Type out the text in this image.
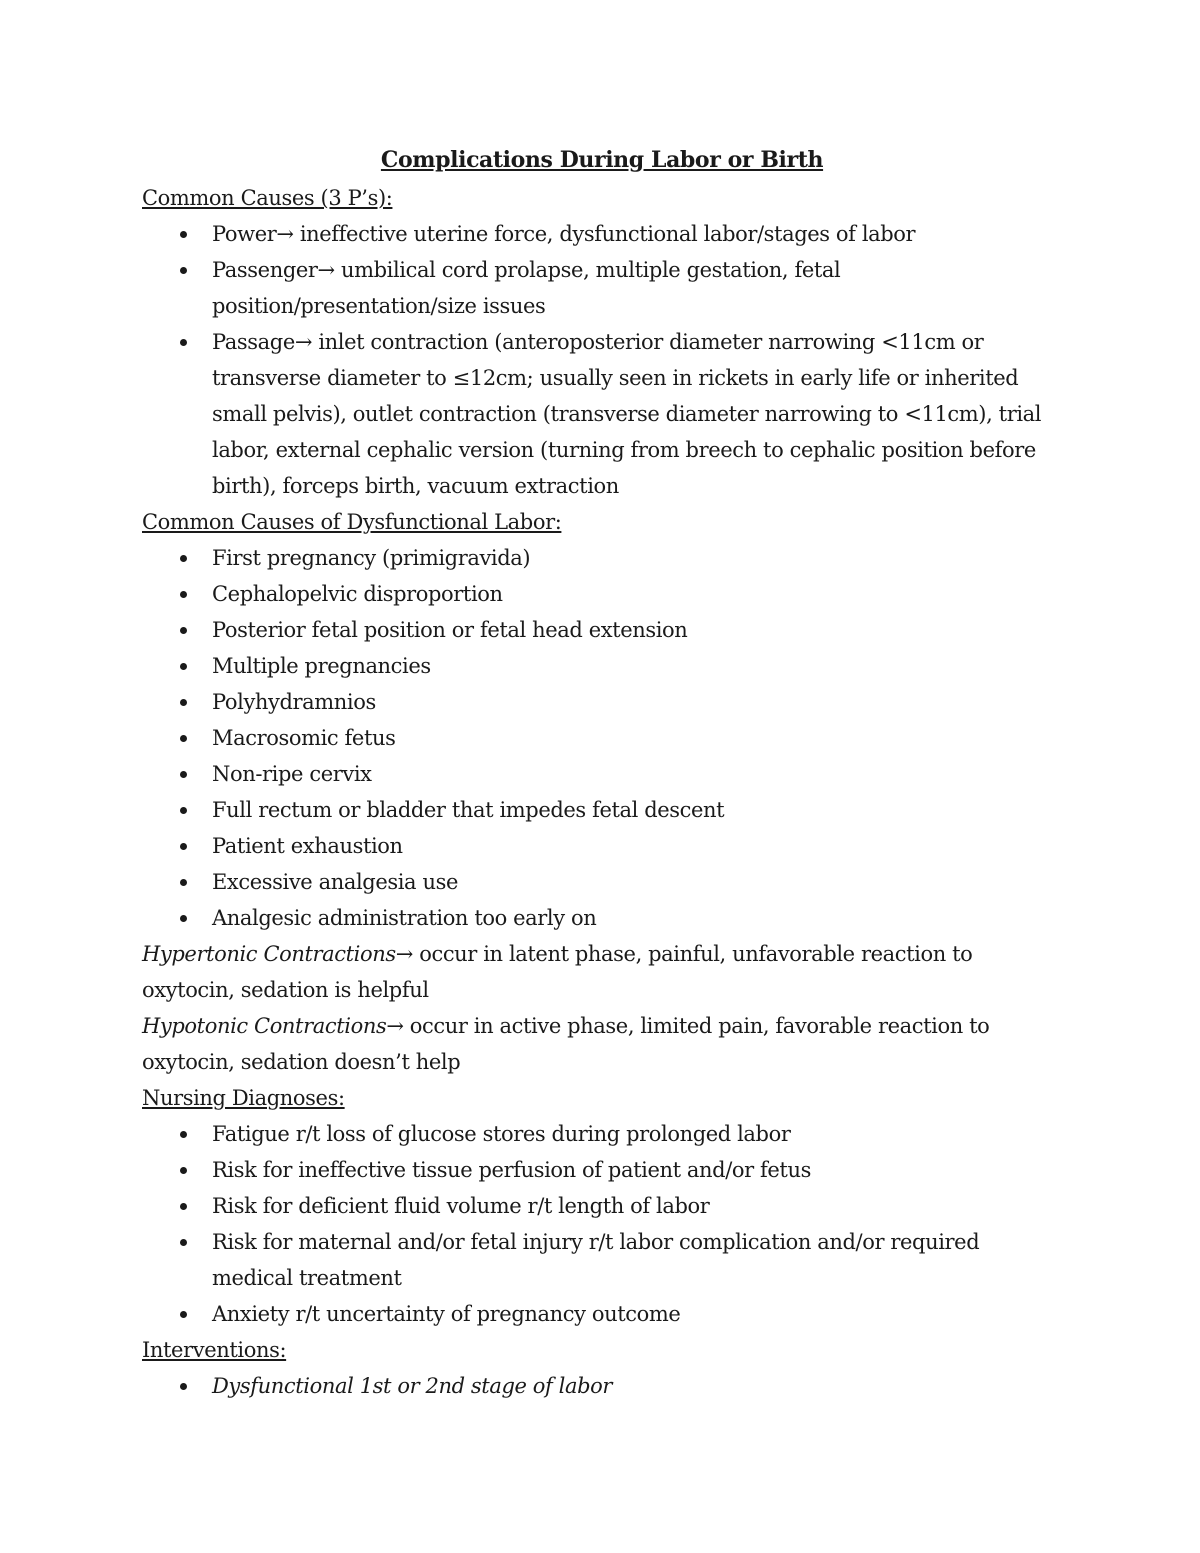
Complications During Labor or Birth

Common Causes (3 P’s):

Power→ ineffective uterine force, dysfunctional labor/stages of labor
Passenger→ umbilical cord prolapse, multiple gestation, fetal position/presentation/size issues
Passage→ inlet contraction (anteroposterior diameter narrowing <11cm or transverse diameter to ≤12cm; usually seen in rickets in early life or inherited small pelvis), outlet contraction (transverse diameter narrowing to <11cm), trial labor, external cephalic version (turning from breech to cephalic position before birth), forceps birth, vacuum extraction

Common Causes of Dysfunctional Labor:

First pregnancy (primigravida)
Cephalopelvic disproportion
Posterior fetal position or fetal head extension
Multiple pregnancies
Polyhydramnios
Macrosomic fetus
Non-ripe cervix
Full rectum or bladder that impedes fetal descent
Patient exhaustion
Excessive analgesia use
Analgesic administration too early on

Hypertonic Contractions→ occur in latent phase, painful, unfavorable reaction to oxytocin, sedation is helpful

Hypotonic Contractions→ occur in active phase, limited pain, favorable reaction to oxytocin, sedation doesn’t help

Nursing Diagnoses:

Fatigue r/t loss of glucose stores during prolonged labor
Risk for ineffective tissue perfusion of patient and/or fetus
Risk for deficient fluid volume r/t length of labor
Risk for maternal and/or fetal injury r/t labor complication and/or required medical treatment
Anxiety r/t uncertainty of pregnancy outcome

Interventions:

Dysfunctional 1st or 2nd stage of labor
